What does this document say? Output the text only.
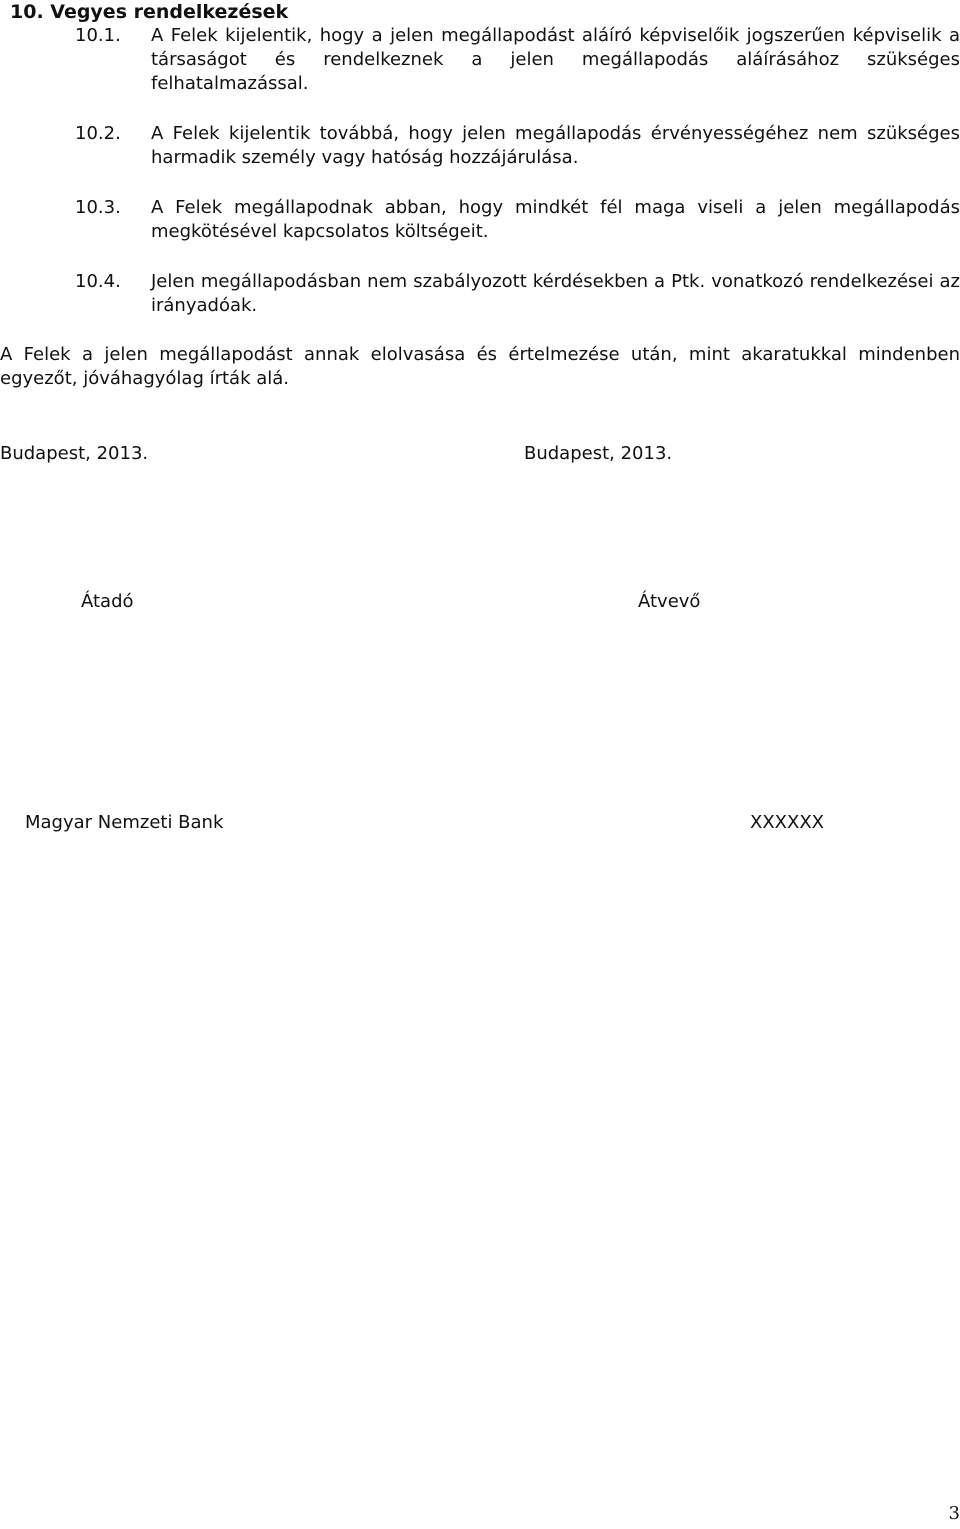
10. Vegyes rendelkezések
10.1. A Felek kijelentik, hogy a jelen megállapodást aláíró képviselőik jogszerűen képviselik a társaságot és rendelkeznek a jelen megállapodás aláírásához szükséges felhatalmazással.
10.2. A Felek kijelentik továbbá, hogy jelen megállapodás érvényességéhez nem szükséges harmadik személy vagy hatóság hozzájárulása.
10.3. A Felek megállapodnak abban, hogy mindkét fél maga viseli a jelen megállapodás megkötésével kapcsolatos költségeit.
10.4. Jelen megállapodásban nem szabályozott kérdésekben a Ptk. vonatkozó rendelkezései az irányadóak.
A Felek a jelen megállapodást annak elolvasása és értelmezése után, mint akaratukkal mindenben egyezőt, jóváhagyólag írták alá.
Budapest, 2013.	Budapest, 2013.
Átadó	Átvevő
Magyar Nemzeti Bank	XXXXXX
3
